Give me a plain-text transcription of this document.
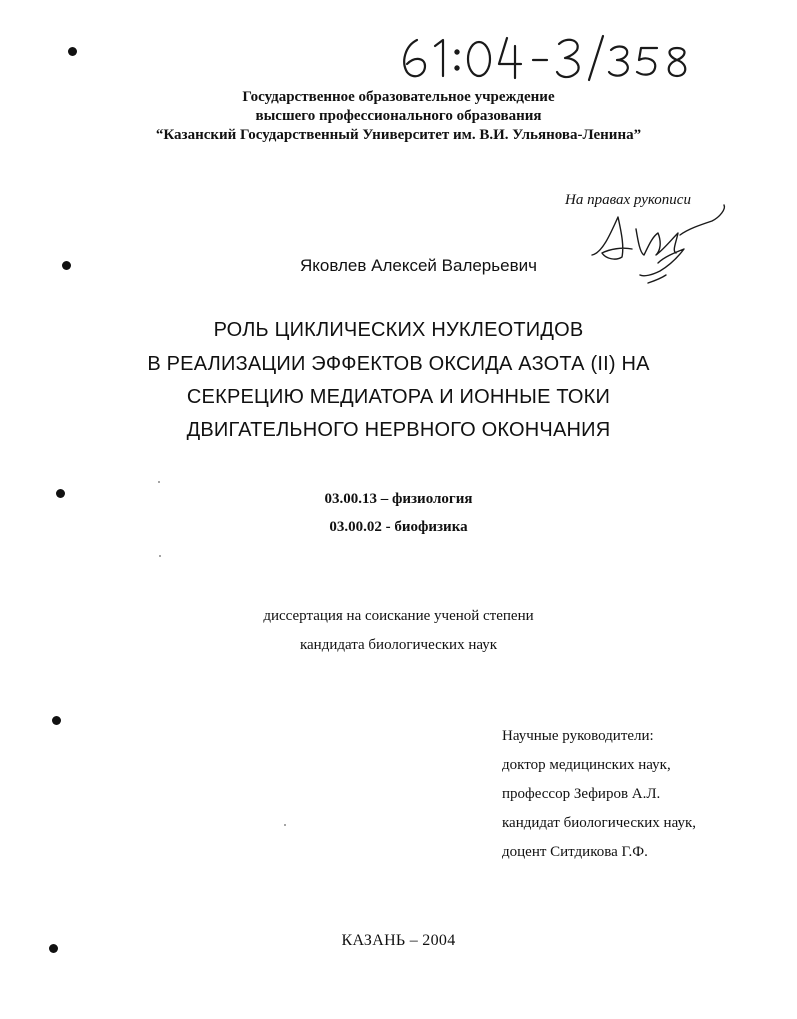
Государственное образовательное учреждение
высшего профессионального образования
“Казанский Государственный Университет им. В.И. Ульянова-Ленина”
На правах рукописи
Яковлев Алексей Валерьевич
РОЛЬ ЦИКЛИЧЕСКИХ НУКЛЕОТИДОВ
В РЕАЛИЗАЦИИ ЭФФЕКТОВ ОКСИДА АЗОТА (II) НА
СЕКРЕЦИЮ МЕДИАТОРА И ИОННЫЕ ТОКИ
ДВИГАТЕЛЬНОГО НЕРВНОГО ОКОНЧАНИЯ
03.00.13 – физиология
03.00.02 - биофизика
диссертация на соискание ученой степени
кандидата биологических наук
Научные руководители:
доктор медицинских наук,
профессор Зефиров А.Л.
кандидат биологических наук,
доцент Ситдикова Г.Ф.
КАЗАНЬ – 2004
